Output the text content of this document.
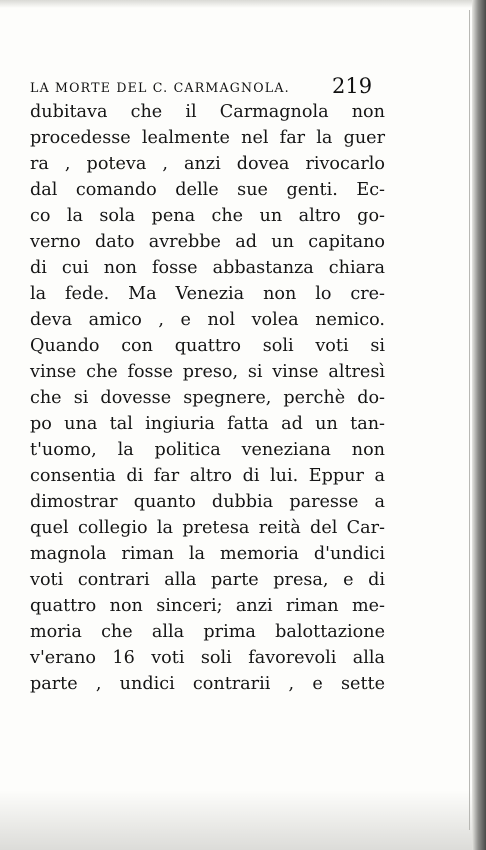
LA MORTE DEL C. CARMAGNOLA.	219
dubitava che il Carmagnola non
procedesse lealmente nel far la guer
ra , poteva , anzi dovea rivocarlo
dal comando delle sue genti. Ec-
co la sola pena che un altro go-
verno dato avrebbe ad un capitano
di cui non fosse abbastanza chiara
la fede. Ma Venezia non lo cre-
deva amico , e nol volea nemico.
Quando con quattro soli voti si
vinse che fosse preso, si vinse altresì
che si dovesse spegnere, perchè do-
po una tal ingiuria fatta ad un tan-
t'uomo, la politica veneziana non
consentia di far altro di lui. Eppur a
dimostrar quanto dubbia paresse a
quel collegio la pretesa reità del Car-
magnola riman la memoria d'undici
voti contrari alla parte presa, e di
quattro non sinceri; anzi riman me-
moria che alla prima balottazione
v'erano 16 voti soli favorevoli alla
parte , undici contrarii , e sette
